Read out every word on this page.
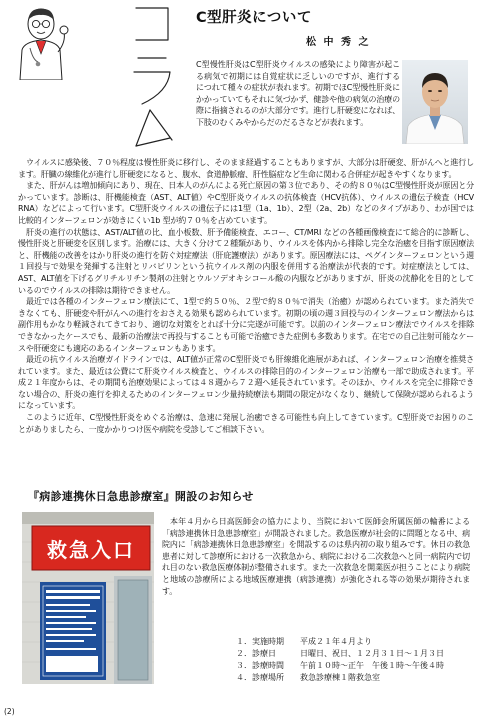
C型肝炎について
松 中 秀 之
C型慢性肝炎はC型肝炎ウイルスの感染により障害が起こる病気で初期には自覚症状に乏しいのですが、進行するにつれて種々の症状が表れます。初期でほC型慢性肝炎にかかっていてもそれに気づかず、健診や他の病気の治療の際に指摘されるのが大部分です。進行し肝硬変になれば、下肢のむくみやからだのだるさなどが表れます。

ウイルスに感染後、７０％程度は慢性肝炎に移行し、そのまま経過することもありますが、大部分は肝硬変、肝がんへと進行します。肝臓の線維化が進行し肝硬変になると、腹水、食道静脈瘤、肝性脳症など生命に関わる合併症が起きやすくなります。

また、肝がんは増加傾向にあり、現在、日本人のがんによる死亡原因の第３位であり、その約８０％はC型慢性肝炎が原因と分かっています。診断は、肝機能検査（AST、ALT値）やC型肝炎ウイルスの抗体検査（HCV抗体）、ウイルスの遺伝子検査（HCV RNA）などによって行います。C型肝炎ウイルスの遺伝子には1型（1a、1b）、2型（2a、2b）などのタイプがあり、わが国では比較的インターフェロンが効きにくい1b 型が約７０％を占めています。

肝炎の進行の状態は、AST/ALT値の比、血小板数、肝予備能検査、エコー、CT/MRI などの各種画像検査にて総合的に診断し、慢性肝炎と肝硬変を区別します。治療には、大きく分けて２種類があり、ウイルスを体内から排除し完全な治癒を目指す原因療法と、肝機能の改善をはかり肝炎の進行を防ぐ対症療法（肝庇護療法）があります。原因療法には、ペグインターフェロンという週１回投与で効果を発揮する注射とリバビリンという抗ウイルス剤の内服を併用する治療法が代表的です。対症療法としては、AST、ALT値を下げるグリチルリチン製剤の注射とウルソデオキシコール酸の内服などがありますが、肝炎の沈静化を目的としているのでウイルスの排除は期待できません。

最近では各種のインターフェロン療法にて、1型で約５０％、２型で約８０％で消失（治癒）が認められています。また消失できなくても、肝硬変や肝がんへの進行をおさえる効果も認められています。初期の頃の週３回投与のインターフェロン療法からは副作用もかなり軽減されてきており、適切な対策をとれば十分に完遂が可能です。以前のインターフェロン療法でウイルスを排除できなかったケースでも、最新の治療法で再投与することも可能で治癒できた症例も多数あります。在宅での自己注射可能なケースや肝硬変にも適応のあるインターフェロンもあります。

最近の抗ウイルス治療ガイドラインでは、ALT値が正常のC型肝炎でも肝線維化進展があれば、インターフェロン治療を推奨されています。また、最近は公費にて肝炎ウイルス検査と、ウイルスの排除目的のインターフェロン治療も一部で助成されます。平成２１年度からは、その期間も治療効果によっては４８週から７２週へ延長されています。そのほか、ウイルスを完全に排除できない場合の、肝炎の進行を抑えるためのインターフェロン少量持続療法も期間の限定がなくなり、継続して保険が認められるようになっています。

このように近年、C型慢性肝炎をめぐる治療は、急速に発展し治癒できる可能性も向上してきています。C型肝炎でお困りのことがありましたら、一度かかりつけ医や病院を受診してご相談下さい。

『病診連携休日急患診療室』開設のお知らせ
救急入口

本年４月から日高医師会の協力により、当院において医師会所属医師の輪番による「病診連携休日急患診療室」が開設されました。救急医療が社会的に問題となる中、病院内に「病診連携休日急患診療室」を開設するのは県内初の取り組みです。休日の救急患者に対して診療所における一次救急から、病院における二次救急へと同一病院内で切れ目のない救急医療体制が整備されます。また一次救急を開業医が担うことにより病院と地域の診療所による地域医療連携（病診連携）が強化される等の効果が期待されます。

１．実施時期	平成２１年４月より
２．診療日	日曜日、祝日、１２月３１日〜１月３日
３．診療時間	午前１０時〜正午　午後１時〜午後４時
４．診療場所	救急診療棟１階救急室
(2)
